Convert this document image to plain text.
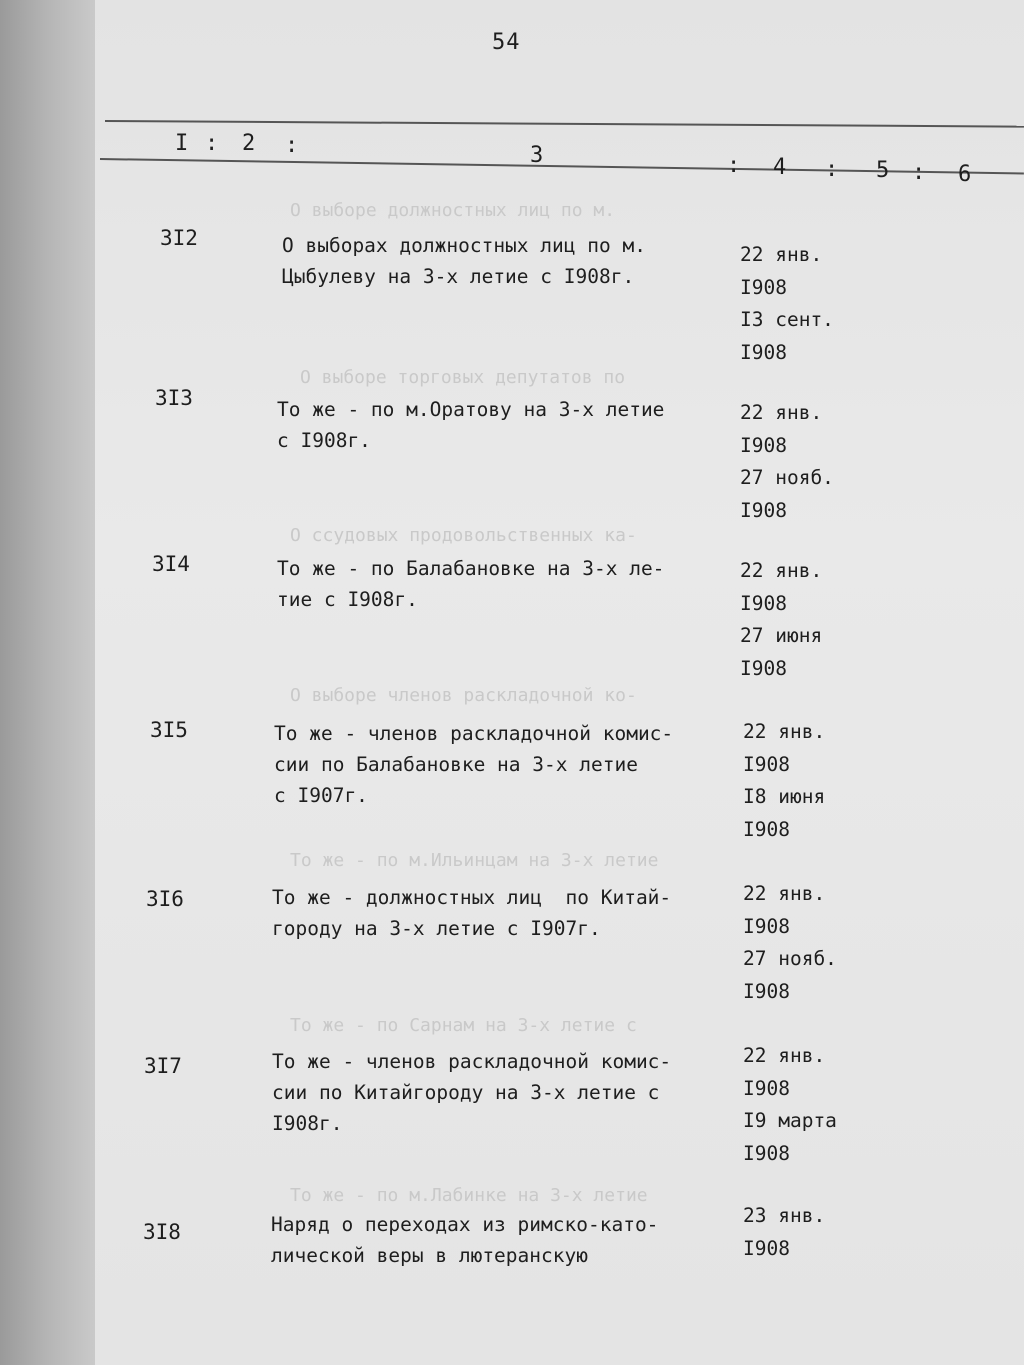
О выборе должностных лиц по м.
О выборе торговых депутатов по
О ссудовых продовольственных ка-
О выборе членов раскладочной ко-
То же - по м.Ильинцам на 3-х летие
То же - по Сарнам на 3-х летие с
То же - по м.Лабинке на 3-х летие
54
I : 2 :	3	: 4 : 5 : 6
3I2	О выборах должностных лиц по м.
Цыбулеву на 3-х летие с I908г.
22 янв.
I908
I3 сент.
I908
3I3	То же - по м.Оратову на 3-х летие
с I908г.
22 янв.
I908
27 нояб.
I908
3I4	То же - по Балабановке на 3-х ле-
тие с I908г.
22 янв.
I908
27 июня
I908
3I5	То же - членов раскладочной комис-
сии по Балабановке на 3-х летие
с I907г.
22 янв.
I908
I8 июня
I908
3I6	То же - должностных лиц  по Китай-
городу на 3-х летие с I907г.
22 янв.
I908
27 нояб.
I908
3I7	То же - членов раскладочной комис-
сии по Китайгороду на 3-х летие с
I908г.
22 янв.
I908
I9 марта
I908
3I8	Наряд о переходах из римско-като-
лической веры в лютеранскую
23 янв.
I908
